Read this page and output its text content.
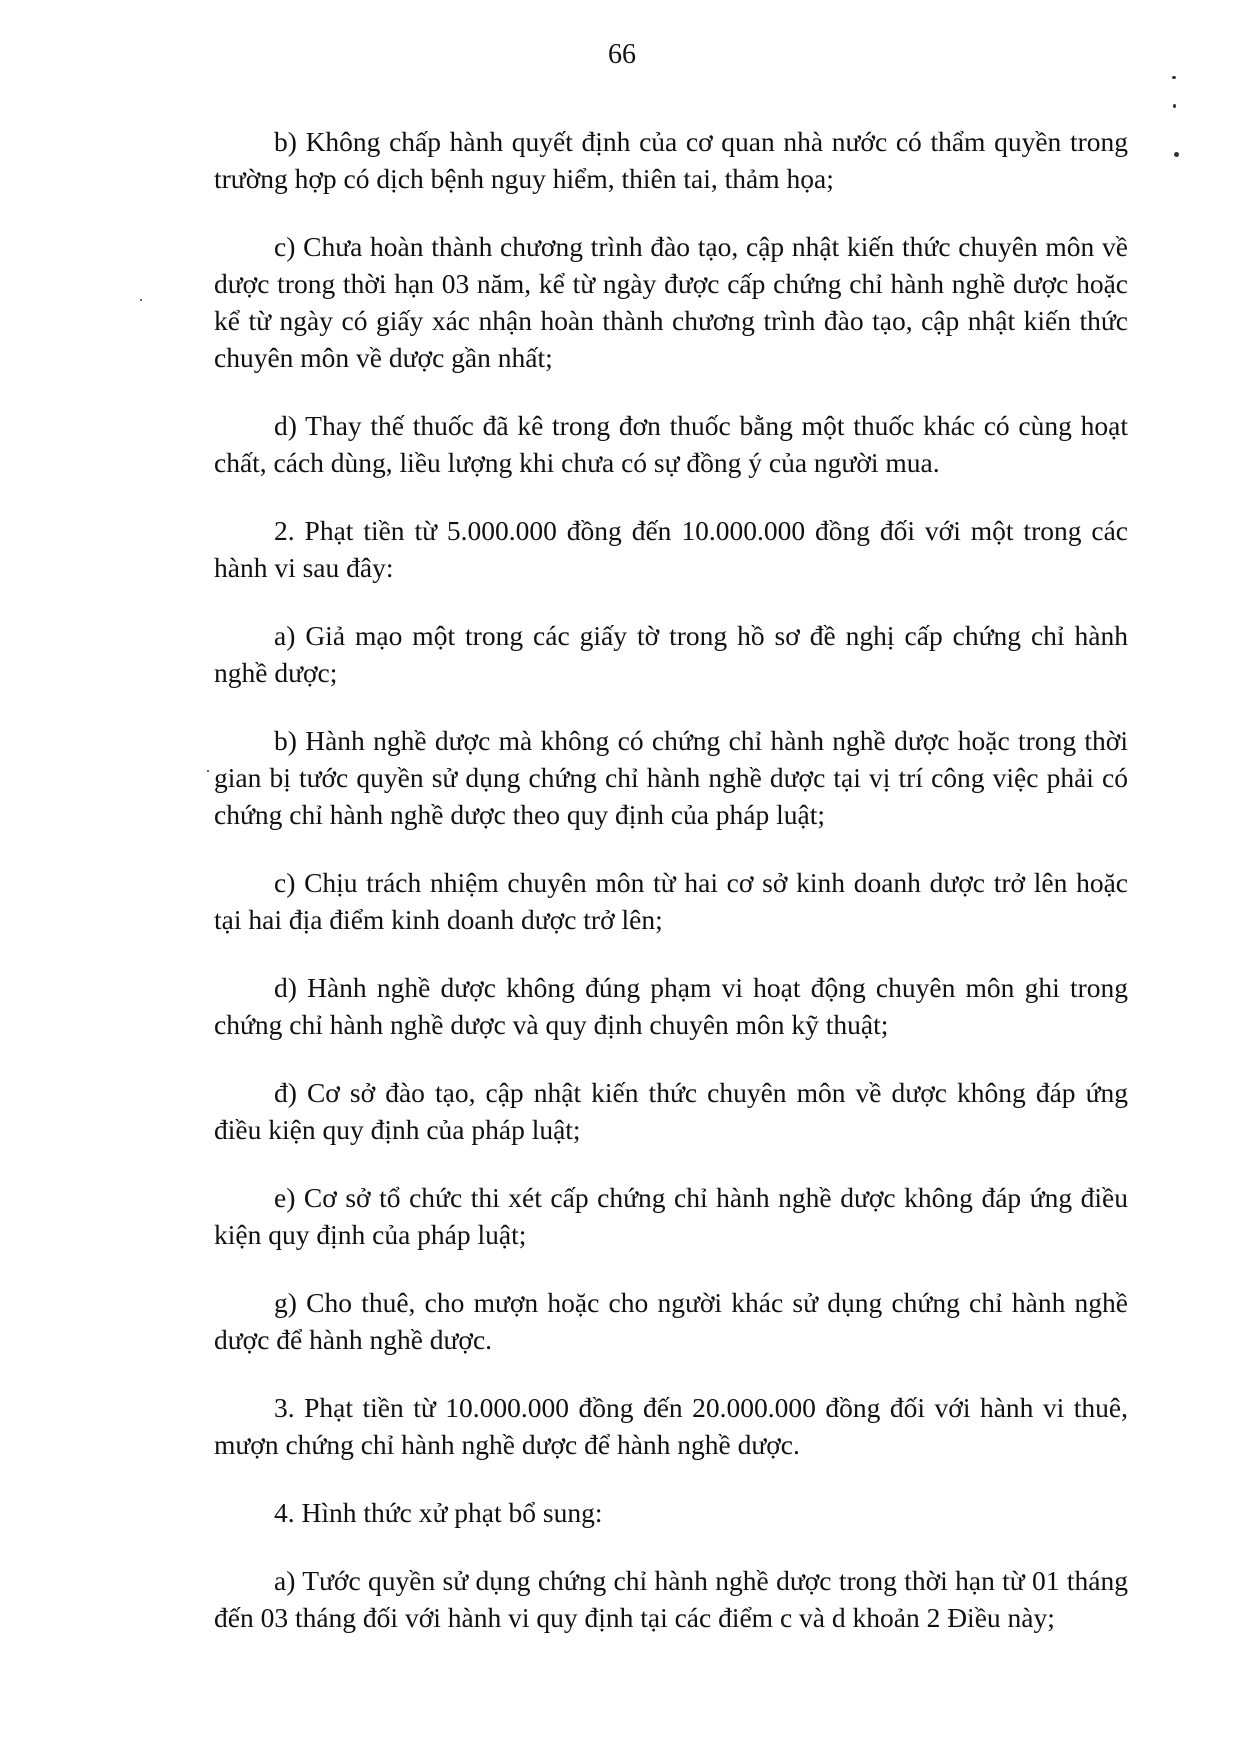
66

b) Không chấp hành quyết định của cơ quan nhà nước có thẩm quyền trong trường hợp có dịch bệnh nguy hiểm, thiên tai, thảm họa;

c) Chưa hoàn thành chương trình đào tạo, cập nhật kiến thức chuyên môn về dược trong thời hạn 03 năm, kể từ ngày được cấp chứng chỉ hành nghề dược hoặc kể từ ngày có giấy xác nhận hoàn thành chương trình đào tạo, cập nhật kiến thức chuyên môn về dược gần nhất;

d) Thay thế thuốc đã kê trong đơn thuốc bằng một thuốc khác có cùng hoạt chất, cách dùng, liều lượng khi chưa có sự đồng ý của người mua.

2. Phạt tiền từ 5.000.000 đồng đến 10.000.000 đồng đối với một trong các hành vi sau đây:

a) Giả mạo một trong các giấy tờ trong hồ sơ đề nghị cấp chứng chỉ hành nghề dược;

b) Hành nghề dược mà không có chứng chỉ hành nghề dược hoặc trong thời gian bị tước quyền sử dụng chứng chỉ hành nghề dược tại vị trí công việc phải có chứng chỉ hành nghề dược theo quy định của pháp luật;

c) Chịu trách nhiệm chuyên môn từ hai cơ sở kinh doanh dược trở lên hoặc tại hai địa điểm kinh doanh dược trở lên;

d) Hành nghề dược không đúng phạm vi hoạt động chuyên môn ghi trong chứng chỉ hành nghề dược và quy định chuyên môn kỹ thuật;

đ) Cơ sở đào tạo, cập nhật kiến thức chuyên môn về dược không đáp ứng điều kiện quy định của pháp luật;

e) Cơ sở tổ chức thi xét cấp chứng chỉ hành nghề dược không đáp ứng điều kiện quy định của pháp luật;

g) Cho thuê, cho mượn hoặc cho người khác sử dụng chứng chỉ hành nghề dược để hành nghề dược.

3. Phạt tiền từ 10.000.000 đồng đến 20.000.000 đồng đối với hành vi thuê, mượn chứng chỉ hành nghề dược để hành nghề dược.

4. Hình thức xử phạt bổ sung:

a) Tước quyền sử dụng chứng chỉ hành nghề dược trong thời hạn từ 01 tháng đến 03 tháng đối với hành vi quy định tại các điểm c và d khoản 2 Điều này;
